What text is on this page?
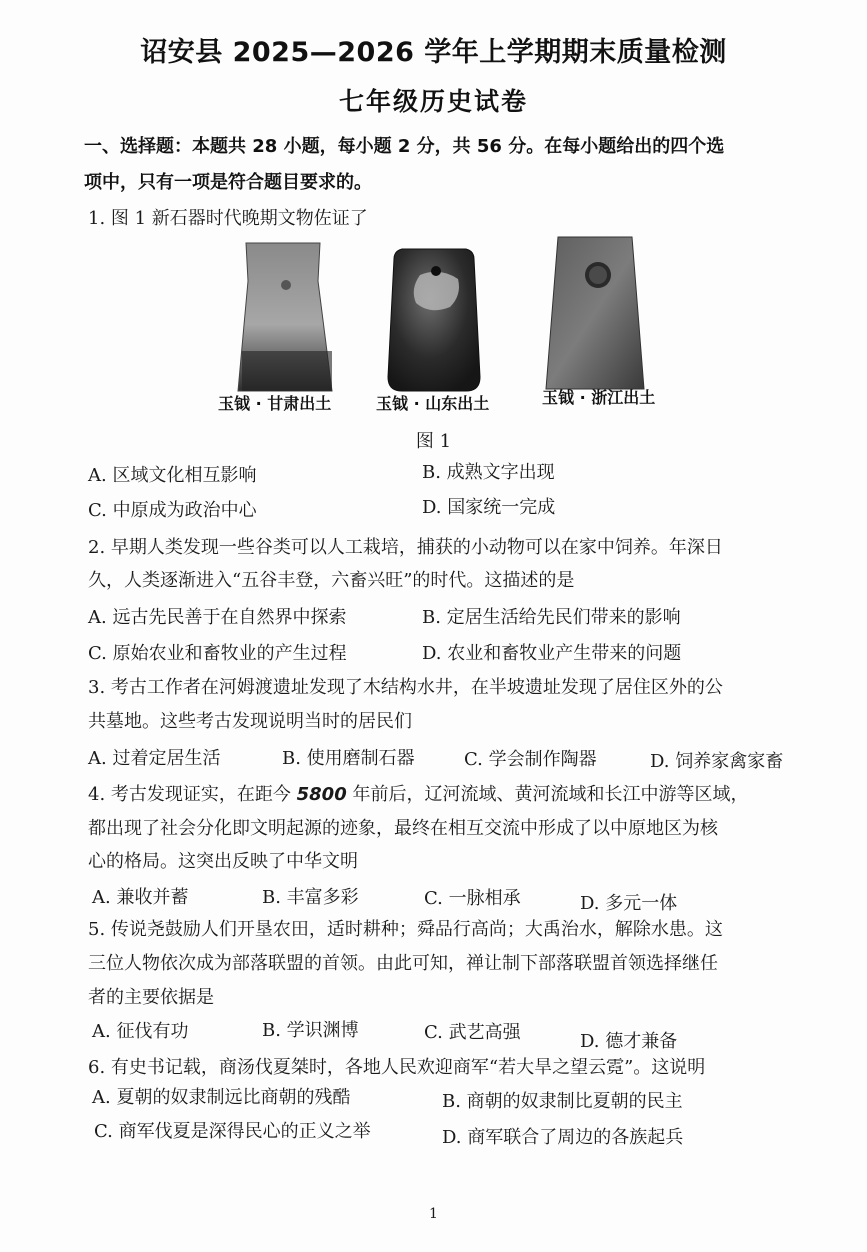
诏安县 2025—2026 学年上学期期末质量检测
七年级历史试卷
一、选择题：本题共 28 小题，每小题 2 分，共 56 分。在每小题给出的四个选
项中，只有一项是符合题目要求的。
1. 图 1 新石器时代晚期文物佐证了
玉钺 · 甘肃出土	玉钺 · 山东出土	玉钺 · 浙江出土
图 1
A. 区域文化相互影响	B. 成熟文字出现
C. 中原成为政治中心	D. 国家统一完成
2. 早期人类发现一些谷类可以人工栽培，捕获的小动物可以在家中饲养。年深日
久，人类逐渐进入“五谷丰登，六畜兴旺”的时代。这描述的是
A. 远古先民善于在自然界中探索	B. 定居生活给先民们带来的影响
C. 原始农业和畜牧业的产生过程	D. 农业和畜牧业产生带来的问题
3. 考古工作者在河姆渡遗址发现了木结构水井，在半坡遗址发现了居住区外的公
共墓地。这些考古发现说明当时的居民们
A. 过着定居生活	B. 使用磨制石器	C. 学会制作陶器	D. 饲养家禽家畜
4. 考古发现证实，在距今 5800 年前后，辽河流域、黄河流域和长江中游等区域，
都出现了社会分化即文明起源的迹象，最终在相互交流中形成了以中原地区为核
心的格局。这突出反映了中华文明
A. 兼收并蓄	B. 丰富多彩	C. 一脉相承	D. 多元一体
5. 传说尧鼓励人们开垦农田，适时耕种；舜品行高尚；大禹治水，解除水患。这
三位人物依次成为部落联盟的首领。由此可知，禅让制下部落联盟首领选择继任
者的主要依据是
A. 征伐有功	B. 学识渊博	C. 武艺高强	D. 德才兼备
6. 有史书记载，商汤伐夏桀时，各地人民欢迎商军“若大旱之望云霓”。这说明
A. 夏朝的奴隶制远比商朝的残酷	B. 商朝的奴隶制比夏朝的民主
C. 商军伐夏是深得民心的正义之举	D. 商军联合了周边的各族起兵
1
